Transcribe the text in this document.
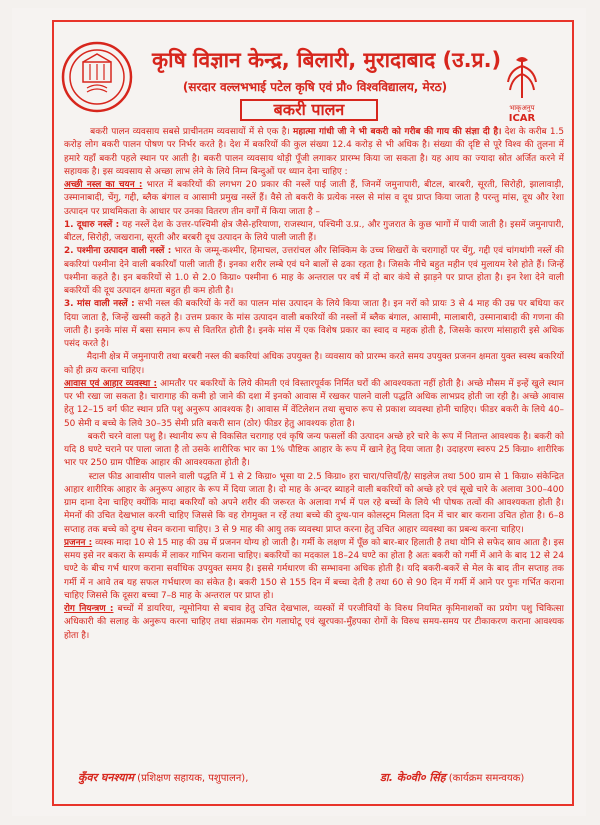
भाकृअनुप
ICAR
कृषि विज्ञान केन्द्र, बिलारी, मुरादाबाद (उ.प्र.)
(सरदार वल्लभभाई पटेल कृषि एवं प्रौ० विश्वविद्यालय, मेरठ)
बकरी पालन

बकरी पालन व्यवसाय सबसे प्राचीनतम व्यवसायों में से एक है। महात्मा गांधी जी ने भी बकरी को गरीब की गाय की संज्ञा दी है। देश के करीब 1.5 करोड़ लोग बकरी पालन पोषण पर निर्भर करते है। देश में बकरियों की कुल संख्या 12.4 करोड़ से भी अधिक है। संख्या की दृष्टि से पूरे विश्व की तुलना में हमारे यहाँ बकरी पहले स्थान पर आती है। बकरी पालन व्यवसाय थोड़ी पूँजी लगाकर प्रारम्भ किया जा सकता है। यह आय का ज्यादा स्रोत अर्जित करने में सहायक है। इस व्यवसाय से अच्छा लाभ लेने के लिये निम्न बिन्दुओं पर ध्यान देना चाहिए :

अच्छी नस्ल का चयन : भारत में बकरियों की लगभग 20 प्रकार की नस्लें पाई जाती हैं, जिनमें जमुनापारी, बीटल, बारबरी, सूरती, सिरोही, झालावाड़ी, उस्मानाबादी, चेंगु, गद्दी, ब्लैक बंगाल व आसामी प्रमुख नस्लें हैं। वैसे तो बकरी के प्रत्येक नस्ल से मांस व दूध प्राप्त किया जाता है परन्तु मांस, दूध और रेशा उत्पादन पर प्राथमिकता के आधार पर उनका वितरण तीन वर्गों में किया जाता है –

1. दूधारु नस्लें : यह नस्लें देश के उत्तर-पश्चिमी क्षेत्र जैसे-हरियाणा, राजस्थान, पश्चिमी उ.प्र., और गुजरात के कुछ भागों में पायी जाती है। इसमें जमुनापारी, बीटल, सिरोही, जखराना, सूरती और बरबरी दूध उत्पादन के लिये पाली जाती हैं।

2. पश्मीना उत्पादन वाली नस्लें : भारत के जम्मू-कश्मीर, हिमाचल, उत्तरांचल और सिक्किम के उच्च शिखरों के चरागाहों पर चेंगु, गद्दी एवं चांगथांगी नस्लें की बकरियां पश्मीना देने वाली बकरियाँ पाली जाती हैं। इनका शरीर लम्बे एवं घने बालों से ढका रहता है। जिसके नीचे बहुत महीन एवं मुलायम रेशे होते हैं। जिन्हें पश्मीना कहते है। इन बकरियों से 1.0 से 2.0 किग्रा० पश्मीना 6 माह के अन्तराल पर वर्ष में दो बार कंघे से झाड़ने पर प्राप्त होता है। इन रेशा देने वाली बकरियों की दूध उत्पादन क्षमता बहुत ही कम होती है।

3. मांस वाली नस्लें : सभी नस्ल की बकरियों के नरों का पालन मांस उत्पादन के लिये किया जाता है। इन नरों को प्रायः 3 से 4 माह की उम्र पर बधिया कर दिया जाता है, जिन्हें खस्सी कहते है। उत्तम प्रकार के मांस उत्पादन वाली बकरियों की नस्लों में ब्लैक बंगाल, आसामी, मालाबारी, उस्मानाबादी की गणना की जाती है। इनके मांस में बसा समान रूप से वितरित होती है। इनके मांस में एक विशेष प्रकार का स्वाद व महक होती है, जिसके कारण मांसाहारी इसे अधिक पसंद करते है।

मैदानी क्षेत्र में जमुनापारी तथा बरबरी नस्ल की बकरियां अधिक उपयुक्त है। व्यवसाय को प्रारम्भ करते समय उपयुक्त प्रजनन क्षमता युक्त स्वस्थ बकरियों को ही क्रय करना चाहिए।

आवास एवं आहार व्यवस्था : आमतौर पर बकरियों के लिये कीमती एवं विस्तारपूर्वक निर्मित घरों की आवश्यकता नहीं होती है। अच्छे मौसम में इन्हें खुले स्थान पर भी रखा जा सकता है। चारागाह की कमी हो जाने की दशा में इनको आवास में रखकर पालने वाली पद्धति अधिक लाभप्रद होती जा रही है। अच्छे आवास हेतु 12–15 वर्ग फीट स्थान प्रति पशु अनुरूप आवश्यक है। आवास में वेंटिलेशन तथा सुचारु रूप से प्रकाश व्यवस्था होनी चाहिए। फीडर बकरी के लिये 40–50 सेमी व बच्चे के लिये 30–35 सेमी प्रति बकरी सान (ठोर) फीडर हेतु आवश्यक होता है।

बकरी चरने वाला पशु है। स्थानीय रूप से विकसित चरागाह एवं कृषि जन्य फसलों की उत्पादन अच्छे हरे चारे के रूप में नितान्त आवश्यक है। बकरी को यदि 8 घण्टे चराने पर पाला जाता है तो उसके शारीरिक भार का 1% पौष्टिक आहार के रूप में खाने हेतु दिया जाता है। उदाहरण स्वरुप 25 किग्रा० शारीरिक भार पर 250 ग्राम पौष्टिक आहार की आवश्यकता होती है।

स्टाल फीड आवासीय पालने वाली पद्धति में 1 से 2 किग्रा० भूसा या 2.5 किग्रा० हरा चारा/पत्तियाँ/है/ साइलेज तथा 500 ग्राम से 1 किग्रा० संकेन्द्रित आहार शारीरिक आहार के अनुरूप आहार के रूप में दिया जाता है। दो माह के अन्दर ब्याहने वाली बकरियों को अच्छे हरे एवं सूखे चारे के अलावा 300–400 ग्राम दाना देना चाहिए क्योंकि मादा बकरियाँ को अपने शरीर की जरूरत के अलावा गर्भ में पल रहे बच्चों के लिये भी पोषक तत्वों की आवश्यकता होती है। मेमनों की उचित देखभाल करनी चाहिए जिससे कि वह रोगमुक्त न रहें तथा बच्चे की दुग्ध-पान कोलस्ट्रम मिलता दिन में चार बार कराना उचित होता है। 6–8 सप्ताह तक बच्चे को दुग्ध सेवन कराना चाहिए। 3 से 9 माह की आयु तक व्यवस्था प्राप्त करना हेतु उचित आहार व्यवस्था का प्रबन्ध करना चाहिए।

प्रजनन : व्यस्क मादा 10 से 15 माह की उम्र में प्रजनन योग्य हो जाती है। गर्मी के लक्षण में पूँछ को बार-बार हिलाती है तथा योनि से सफेद स्राव आता है। इस समय इसे नर बकरा के सम्पर्क में लाकर गाभिन कराना चाहिए। बकरियों का मदकाल 18–24 घण्टे का होता है अतः बकरी को गर्मी में आने के बाद 12 से 24 घण्टे के बीच गर्भ धारण कराना सर्वाधिक उपयुक्त समय है। इससे गर्मधारण की सम्भावना अधिक होती है। यदि बकरी-बकरें से मेल के बाद तीन सप्ताह तक गर्मी में न आवे तब यह सफल गर्भधारण का संकेत है। बकरी 150 से 155 दिन में बच्चा देती है तथा 60 से 90 दिन में गर्मी में आने पर पुनः गर्भित कराना चाहिए जिससे कि दूसरा बच्चा 7–8 माह के अन्तराल पर प्राप्त हो।

रोग नियन्त्रण : बच्चों में डायरिया, न्यूमोनिया से बचाव हेतु उचित देखभाल, व्यस्कों में परजीवियों के विरुध नियमित कृमिनाशकों का प्रयोग पशु चिकित्सा अधिकारी की सलाह के अनुरूप करना चाहिए तथा संक्रामक रोग गलाघोटू एवं खुरपका-मुँहपका रोगों के विरुध समय-समय पर टीकाकरण कराना आवश्यक होता है।

कुँवर घनश्याम (प्रशिक्षण सहायक, पशुपालन),	डा. के०वी० सिंह (कार्यक्रम समन्वयक)
